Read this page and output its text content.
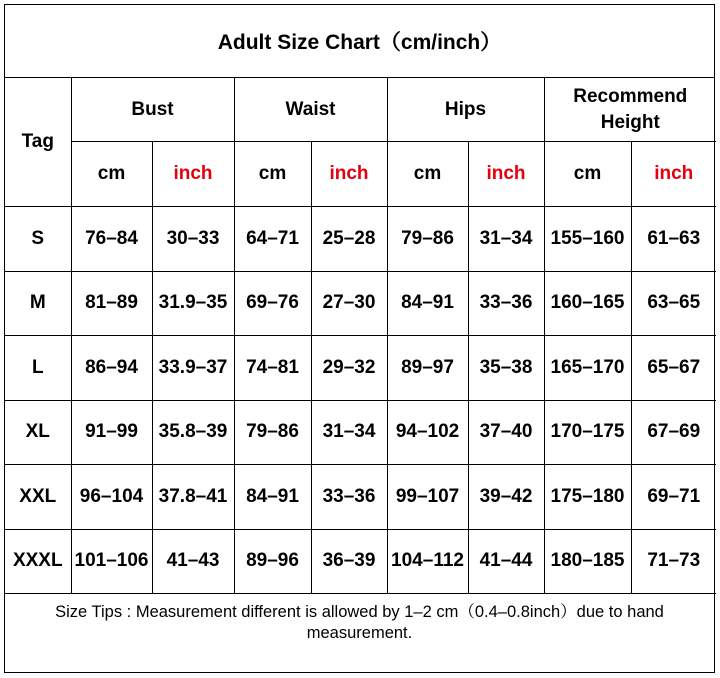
Adult Size Chart（cm/inch）
Tag	Bust		Waist		Hips		Recommend Height	
	cm	inch	cm	inch	cm	inch	cm	inch
S	76–84	30–33	64–71	25–28	79–86	31–34	155–160	61–63
M	81–89	31.9–35	69–76	27–30	84–91	33–36	160–165	63–65
L	86–94	33.9–37	74–81	29–32	89–97	35–38	165–170	65–67
XL	91–99	35.8–39	79–86	31–34	94–102	37–40	170–175	67–69
XXL	96–104	37.8–41	84–91	33–36	99–107	39–42	175–180	69–71
XXXL	101–106	41–43	89–96	36–39	104–112	41–44	180–185	71–73
Size Tips : Measurement different is allowed by 1–2 cm（0.4–0.8inch）due to hand measurement.
